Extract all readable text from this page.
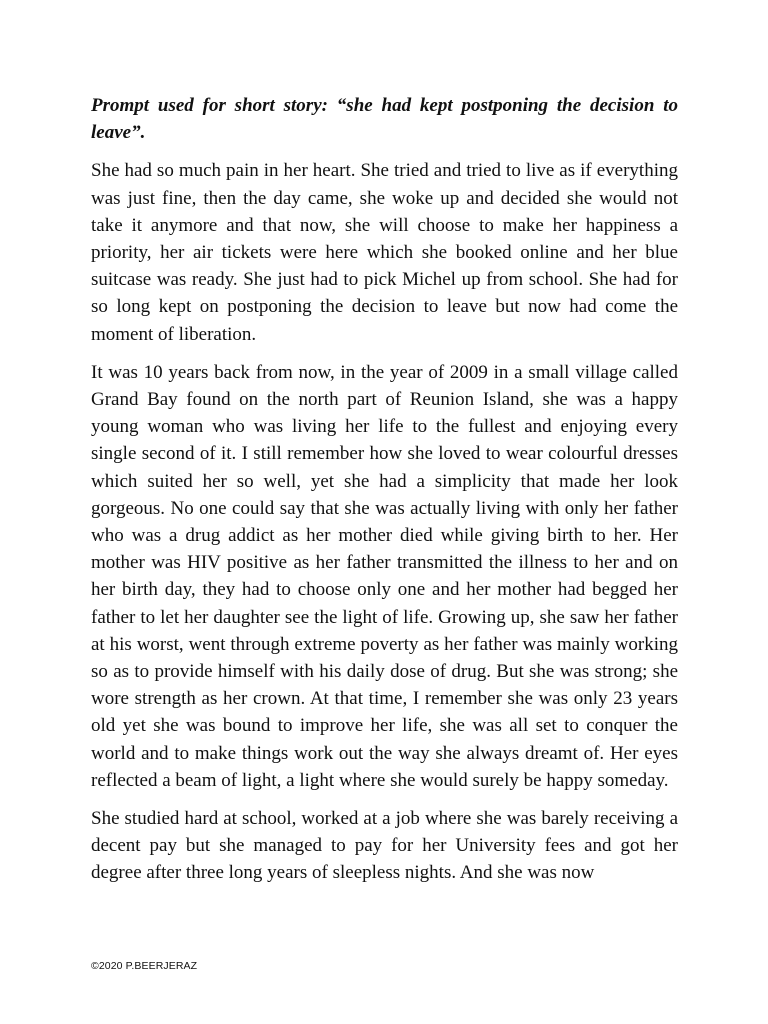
Prompt used for short story: “she had kept postponing the decision to leave”.

She had so much pain in her heart. She tried and tried to live as if everything was just fine, then the day came, she woke up and decided she would not take it anymore and that now, she will choose to make her happiness a priority, her air tickets were here which she booked online and her blue suitcase was ready. She just had to pick Michel up from school. She had for so long kept on postponing the decision to leave but now had come the moment of liberation.

It was 10 years back from now, in the year of 2009 in a small village called Grand Bay found on the north part of Reunion Island, she was a happy young woman who was living her life to the fullest and enjoying every single second of it. I still remember how she loved to wear colourful dresses which suited her so well, yet she had a simplicity that made her look gorgeous. No one could say that she was actually living with only her father who was a drug addict as her mother died while giving birth to her. Her mother was HIV positive as her father transmitted the illness to her and on her birth day, they had to choose only one and her mother had begged her father to let her daughter see the light of life. Growing up, she saw her father at his worst, went through extreme poverty as her father was mainly working so as to provide himself with his daily dose of drug. But she was strong; she wore strength as her crown. At that time, I remember she was only 23 years old yet she was bound to improve her life, she was all set to conquer the world and to make things work out the way she always dreamt of. Her eyes reflected a beam of light, a light where she would surely be happy someday.

She studied hard at school, worked at a job where she was barely receiving a decent pay but she managed to pay for her University fees and got her degree after three long years of sleepless nights. And she was now

©2020 P.BEERJERAZ
